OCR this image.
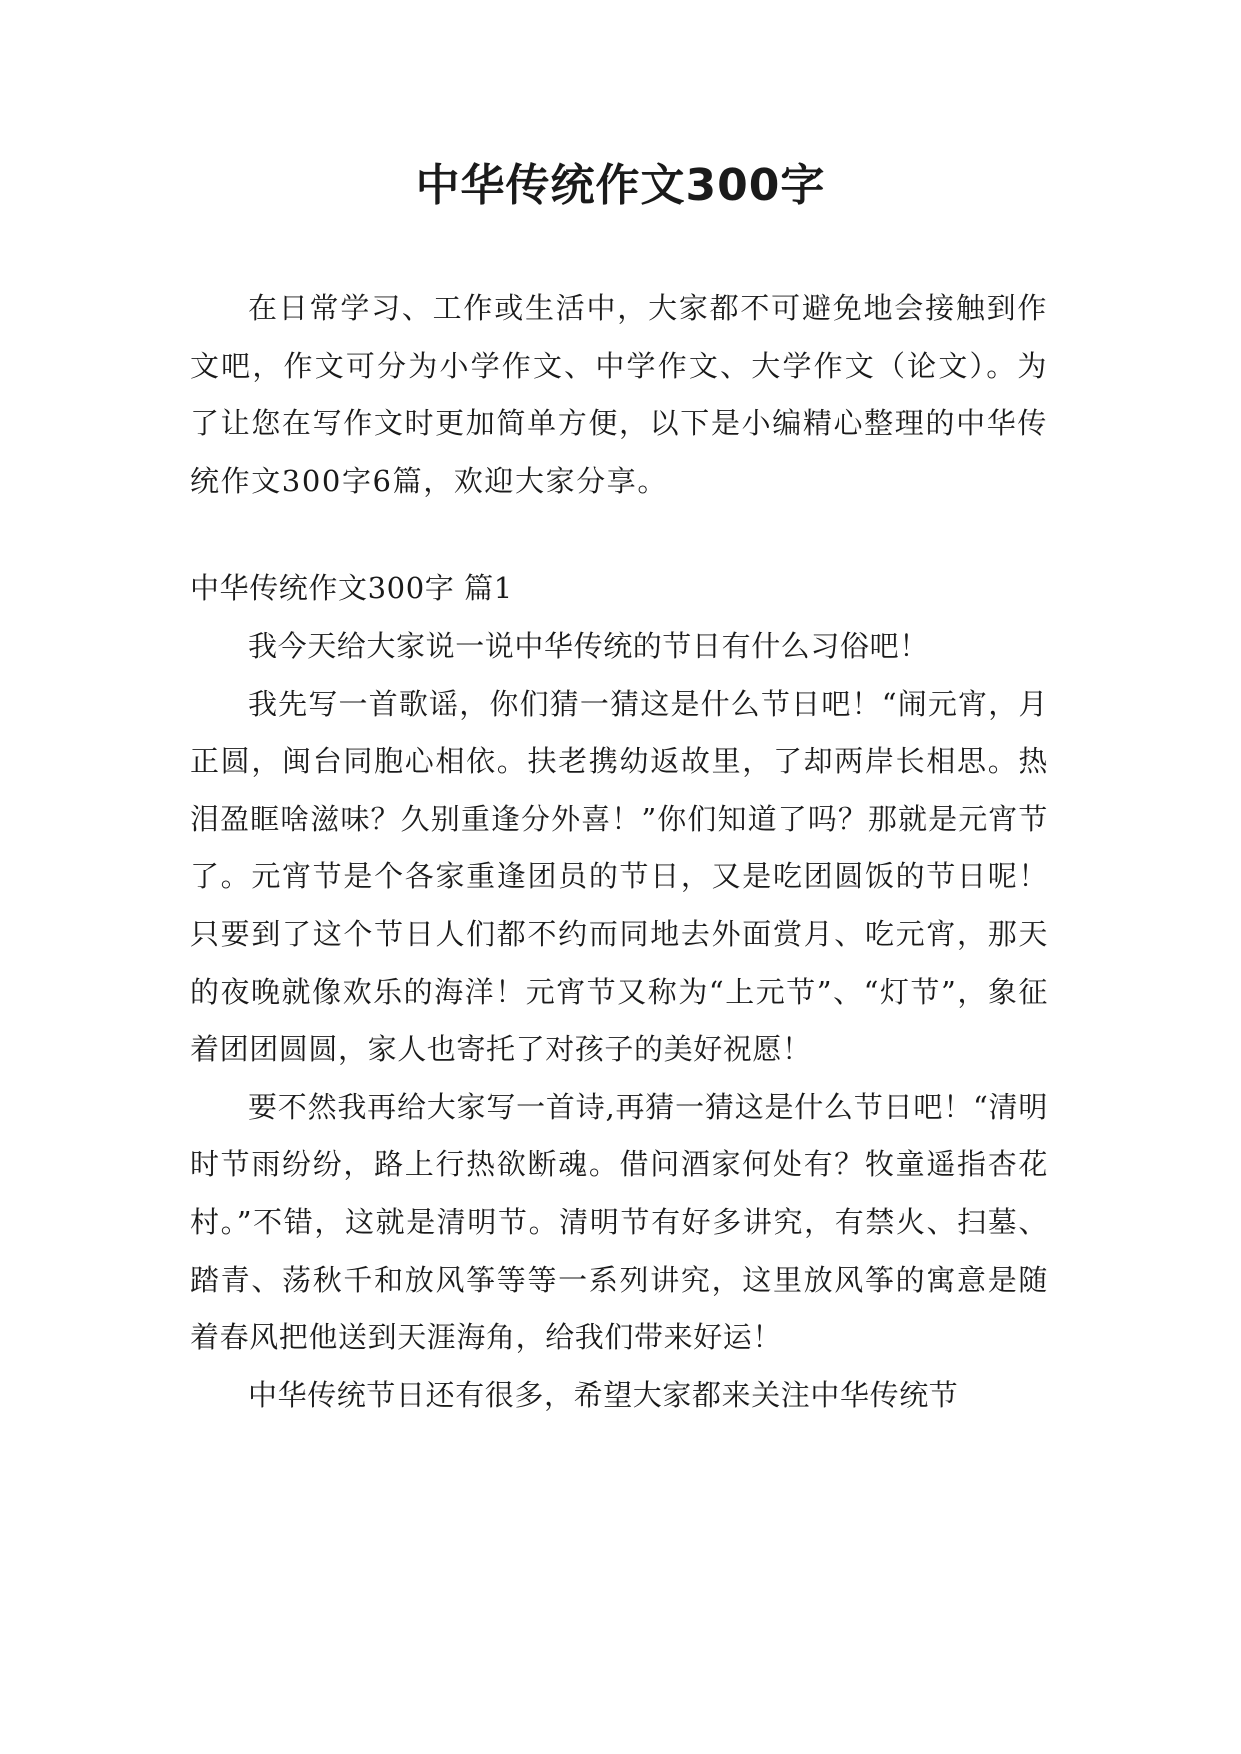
中华传统作文300字

在日常学习、工作或生活中，大家都不可避免地会接触到作文吧，作文可分为小学作文、中学作文、大学作文（论文）。为了让您在写作文时更加简单方便，以下是小编精心整理的中华传统作文300字6篇，欢迎大家分享。

中华传统作文300字 篇1

我今天给大家说一说中华传统的节日有什么习俗吧！

我先写一首歌谣，你们猜一猜这是什么节日吧！“闹元宵，月正圆，闽台同胞心相依。扶老携幼返故里，了却两岸长相思。热泪盈眶啥滋味？久别重逢分外喜！”你们知道了吗？那就是元宵节了。元宵节是个各家重逢团员的节日，又是吃团圆饭的节日呢！只要到了这个节日人们都不约而同地去外面赏月、吃元宵，那天的夜晚就像欢乐的海洋！元宵节又称为“上元节”、“灯节”，象征着团团圆圆，家人也寄托了对孩子的美好祝愿！

要不然我再给大家写一首诗,再猜一猜这是什么节日吧！“清明时节雨纷纷，路上行热欲断魂。借问酒家何处有？牧童遥指杏花村。”不错，这就是清明节。清明节有好多讲究，有禁火、扫墓、踏青、荡秋千和放风筝等等一系列讲究，这里放风筝的寓意是随着春风把他送到天涯海角，给我们带来好运！

中华传统节日还有很多，希望大家都来关注中华传统节
